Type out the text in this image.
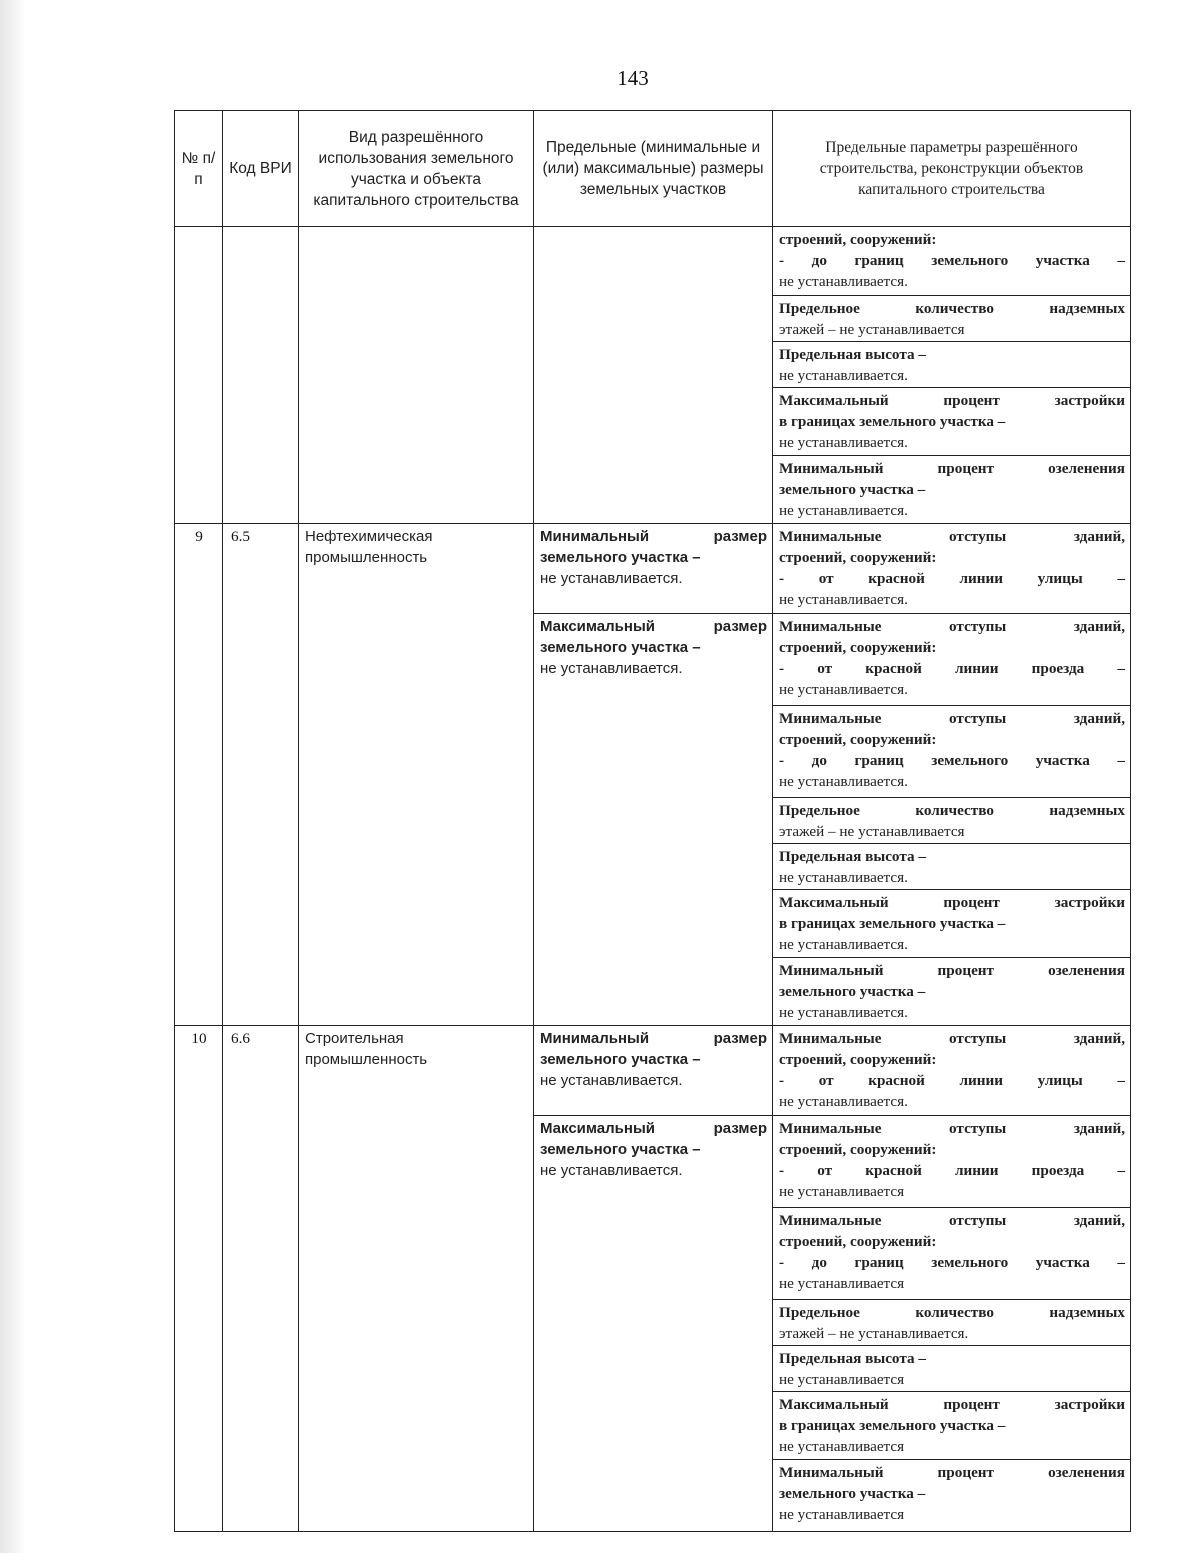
143
№ п/п	Код ВРИ	Вид разрешённого использования земельного участка и объекта капитального строительства	Предельные (минимальные и (или) максимальные) размеры земельных участков	Предельные параметры разрешённого строительства, реконструкции объектов капитального строительства

				строений, сооружений:
- до границ земельного участка –
не устанавливается.

				Предельное количество надземных
этажей – не устанавливается

				Предельная высота –
не устанавливается.

				Максимальный процент застройки
в границах земельного участка –
не устанавливается.

				Минимальный процент озеленения
земельного участка –
не устанавливается.

9	6.5	Нефтехимическая промышленность	Минимальный размер земельного участка –
не устанавливается.	Минимальные отступы зданий,
строений, сооружений:
- от красной линии улицы –
не устанавливается.

			Максимальный размер земельного участка –
не устанавливается.	Минимальные отступы зданий,
строений, сооружений:
- от красной линии проезда –
не устанавливается.

				Минимальные отступы зданий,
строений, сооружений:
- до границ земельного участка –
не устанавливается.

				Предельное количество надземных
этажей – не устанавливается

				Предельная высота –
не устанавливается.

				Максимальный процент застройки
в границах земельного участка –
не устанавливается.

				Минимальный процент озеленения
земельного участка –
не устанавливается.

10	6.6	Строительная промышленность	Минимальный размер земельного участка –
не устанавливается.	Минимальные отступы зданий,
строений, сооружений:
- от красной линии улицы –
не устанавливается.

			Максимальный размер земельного участка –
не устанавливается.	Минимальные отступы зданий,
строений, сооружений:
- от красной линии проезда –
не устанавливается

				Минимальные отступы зданий,
строений, сооружений:
- до границ земельного участка –
не устанавливается

				Предельное количество надземных
этажей – не устанавливается.

				Предельная высота –
не устанавливается

				Максимальный процент застройки
в границах земельного участка –
не устанавливается

				Минимальный процент озеленения
земельного участка –
не устанавливается
